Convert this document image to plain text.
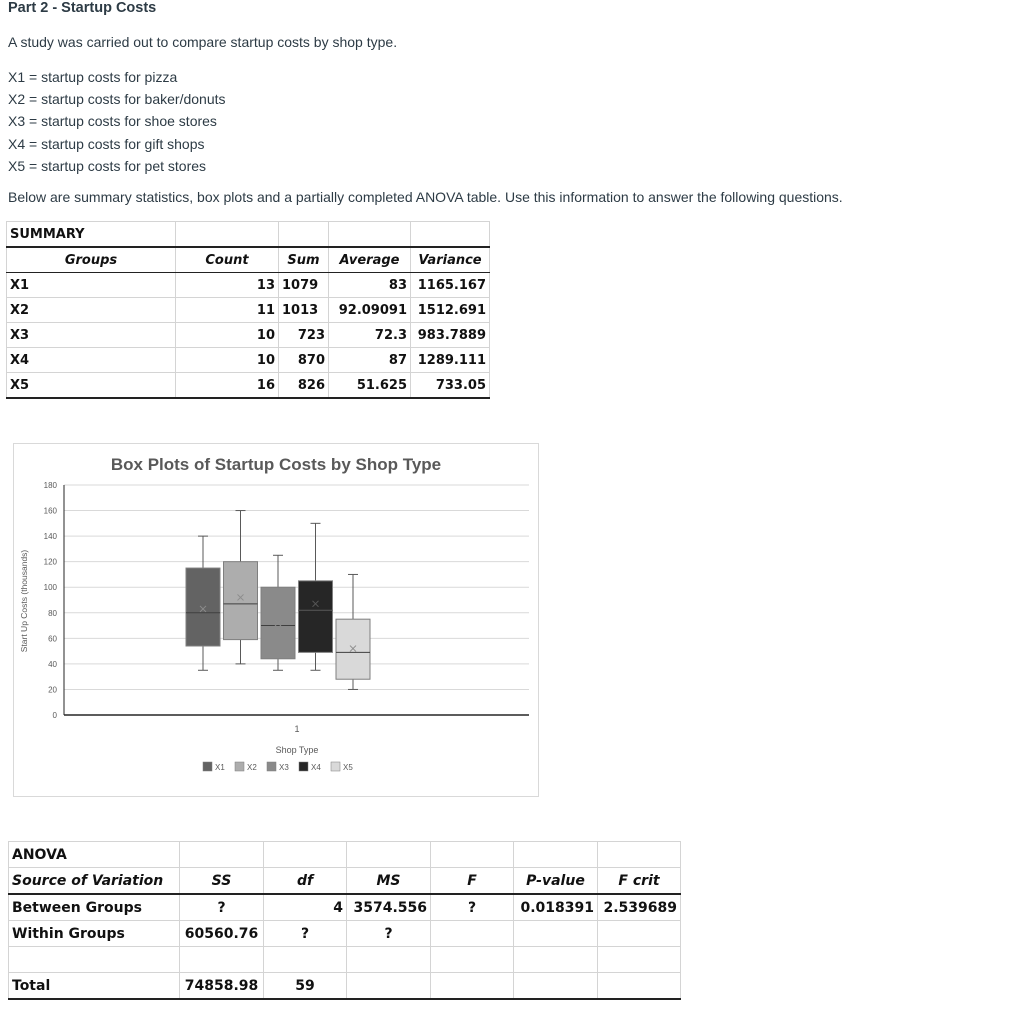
Part 2 - Startup Costs
A study was carried out to compare startup costs by shop type.
X1 = startup costs for pizza
X2 = startup costs for baker/donuts
X3 = startup costs for shoe stores
X4 = startup costs for gift shops
X5 = startup costs for pet stores
Below are summary statistics, box plots and a partially completed ANOVA table. Use this information to answer the following questions.
SUMMARY				
Groups	Count	Sum	Average	Variance
X1	13	1079	83	1165.167
X2	11	1013	92.09091	1512.691
X3	10	723	72.3	983.7889
X4	10	870	87	1289.111
X5	16	826	51.625	733.05
Box Plots of Startup Costs by Shop Type
Start Up Costs (thousands)
Shop Type
1
0
20
40
60
80
100
120
140
160
180
X1	X2	X3	X4	X5
ANOVA						
Source of Variation	SS	df	MS	F	P-value	F crit
Between Groups	?	4	3574.556	?	0.018391	2.539689
Within Groups	60560.76	?	?			

Total	74858.98	59				
